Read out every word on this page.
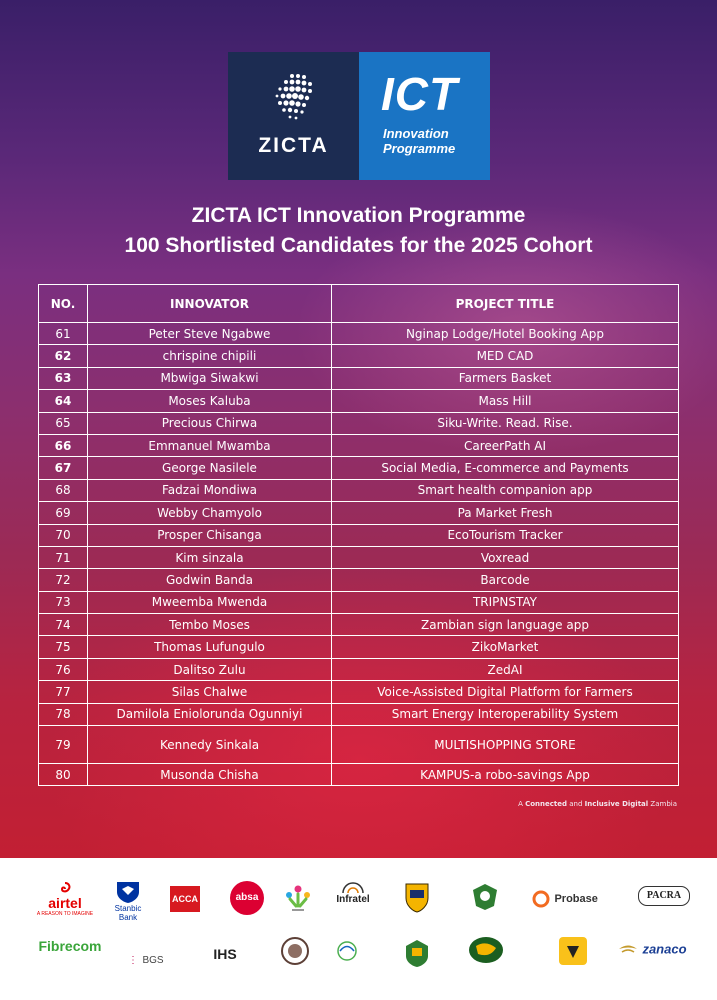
ZICTA
ICT
Innovation
Programme
ZICTA ICT Innovation Programme
100 Shortlisted Candidates for the 2025 Cohort
NO.	INNOVATOR	PROJECT TITLE
61	Peter Steve Ngabwe	Nginap Lodge/Hotel Booking App
62	chrispine chipili	MED CAD
63	Mbwiga Siwakwi	Farmers Basket
64	Moses Kaluba	Mass Hill
65	Precious Chirwa	Siku-Write. Read. Rise.
66	Emmanuel Mwamba	CareerPath AI
67	George Nasilele	Social Media, E-commerce and Payments
68	Fadzai Mondiwa	Smart health companion app
69	Webby Chamyolo	Pa Market Fresh
70	Prosper Chisanga	EcoTourism Tracker
71	Kim sinzala	Voxread
72	Godwin Banda	Barcode
73	Mweemba Mwenda	TRIPNSTAY
74	Tembo Moses	Zambian sign language app
75	Thomas Lufungulo	ZikoMarket
76	Dalitso Zulu	ZedAI
77	Silas Chalwe	Voice-Assisted Digital Platform for Farmers
78	Damilola Eniolorunda Ogunniyi	Smart Energy Interoperability System
79	Kennedy Sinkala	MULTISHOPPING STORE
80	Musonda Chisha	KAMPUS-a robo-savings App
A Connected and Inclusive Digital Zambia
airtel
A REASON TO IMAGINE
Stanbic
Bank
ACCA	absa	Infratel	Probase	PACRA
Fibrecom
⋮ BGS	IHS	zanaco
